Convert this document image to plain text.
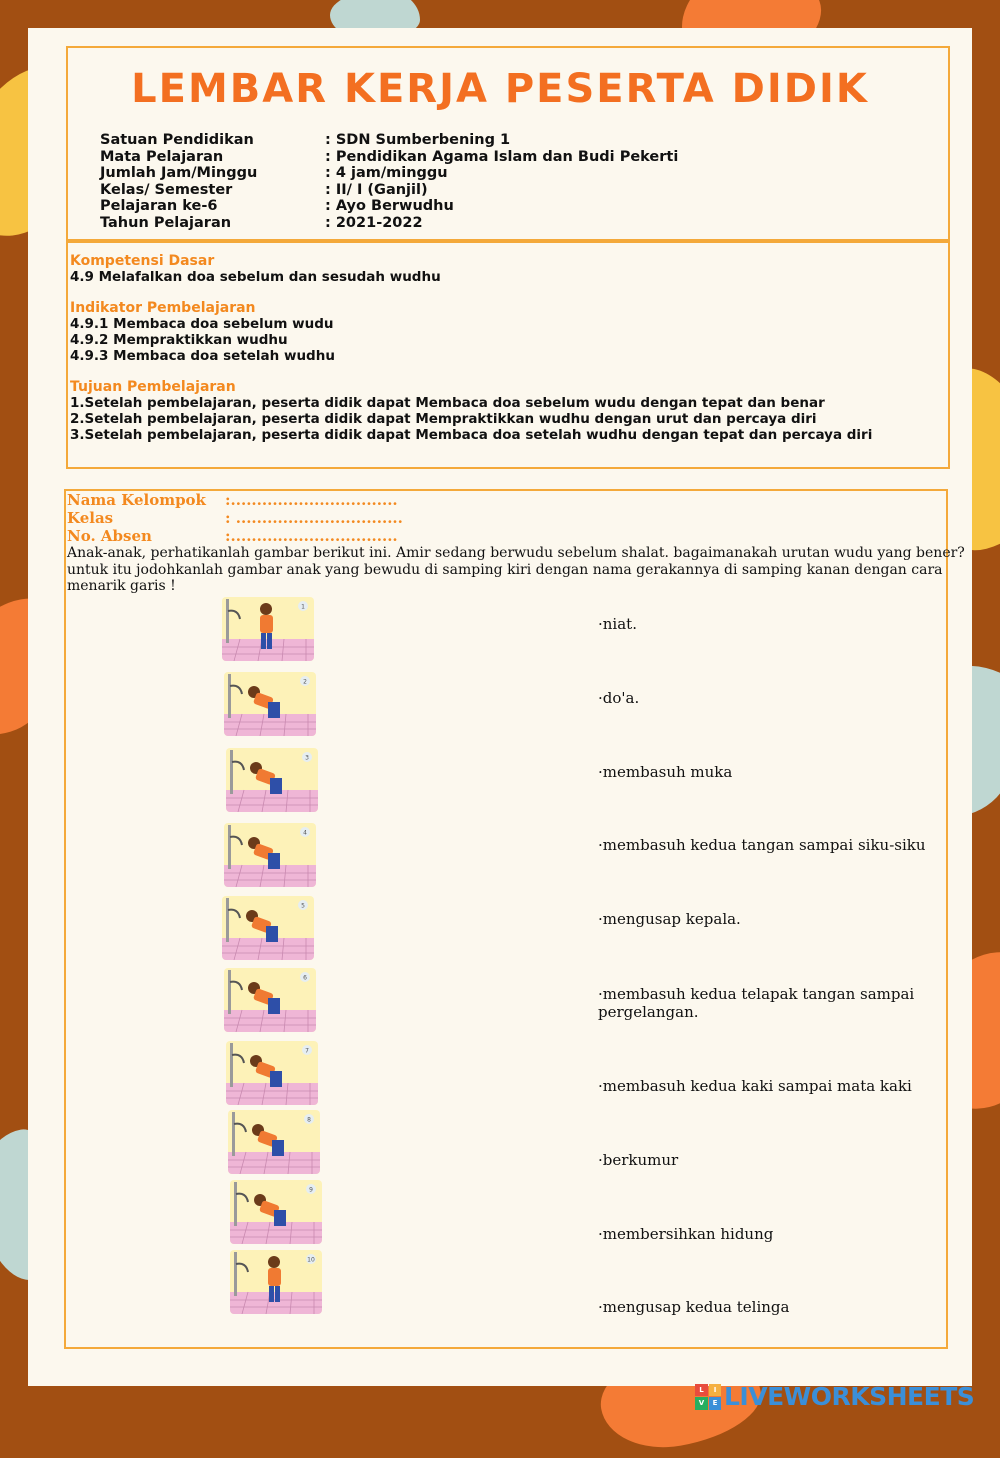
LEMBAR KERJA PESERTA DIDIK
Satuan Pendidikan	: SDN Sumberbening 1
Mata Pelajaran	: Pendidikan Agama Islam dan Budi Pekerti
Jumlah Jam/Minggu	: 4 jam/minggu
Kelas/ Semester	: II/ I (Ganjil)
Pelajaran ke-6	: Ayo Berwudhu
Tahun Pelajaran	: 2021-2022
Kompetensi Dasar
4.9 Melafalkan doa sebelum dan sesudah wudhu
Indikator Pembelajaran
4.9.1 Membaca doa sebelum wudu
4.9.2 Mempraktikkan wudhu
4.9.3 Membaca doa setelah wudhu
Tujuan Pembelajaran
1.Setelah pembelajaran, peserta didik dapat Membaca doa sebelum wudu dengan tepat dan benar
2.Setelah pembelajaran, peserta didik dapat Mempraktikkan wudhu dengan urut dan percaya diri
3.Setelah pembelajaran, peserta didik dapat Membaca doa setelah wudhu dengan tepat dan percaya diri
Nama Kelompok	:................................
Kelas	: ................................
No. Absen	:................................
Anak-anak, perhatikanlah gambar berikut ini. Amir sedang berwudu sebelum shalat. bagaimanakah urutan wudu yang bener? untuk itu jodohkanlah gambar anak yang bewudu di samping kiri dengan nama gerakannya di samping kanan dengan cara menarik garis !
1
2
3
4
5
6
7
8
9
10
·niat.
·do'a.
·membasuh muka
·membasuh kedua tangan sampai siku-siku
·mengusap kepala.
·membasuh kedua telapak tangan sampai pergelangan.
·membasuh kedua kaki sampai mata kaki
·berkumur
·membersihkan hidung
·mengusap kedua telinga
L	I
V	E LIVEWORKSHEETS
